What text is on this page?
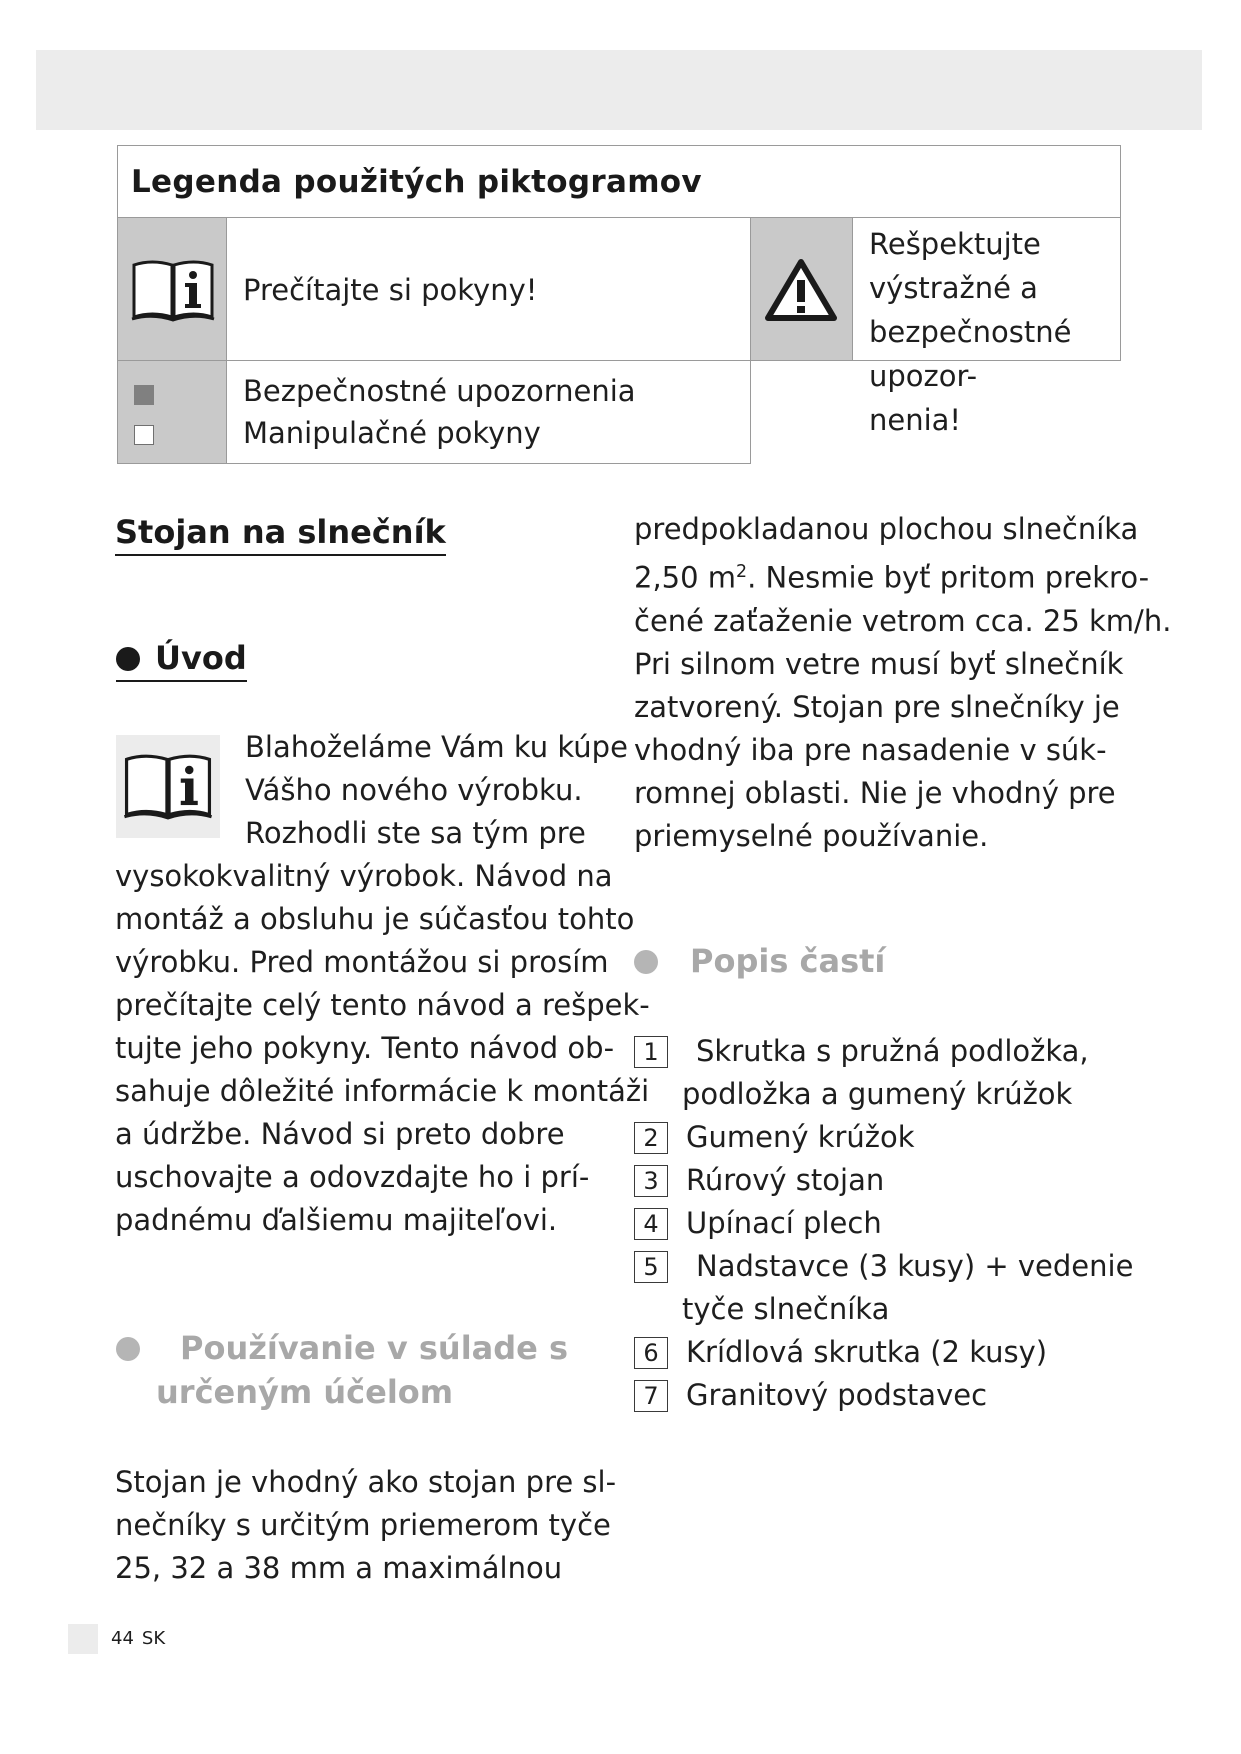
Legenda použitých piktogramov
Prečítajte si pokyny!
Rešpektujte výstražné a
bezpečnostné upozor-
nenia!
Bezpečnostné upozornenia
Manipulačné pokyny
Stojan na slnečník
Úvod
Blahoželáme Vám ku kúpe
Vášho nového výrobku.
Rozhodli ste sa tým pre
vysokokvalitný výrobok. Návod na
montáž a obsluhu je súčasťou tohto
výrobku. Pred montážou si prosím
prečítajte celý tento návod a rešpek-
tujte jeho pokyny. Tento návod ob-
sahuje dôležité informácie k montáži
a údržbe. Návod si preto dobre
uschovajte a odovzdajte ho i prí-
padnému ďalšiemu majiteľovi.
Používanie v súlade s
určeným účelom
Stojan je vhodný ako stojan pre sl-
nečníky s určitým priemerom tyče
25, 32 a 38 mm a maximálnou
predpokladanou plochou slnečníka
2,50 $m^2$. Nesmie byť pritom prekro-
čené zaťaženie vetrom cca. 25 km/h.
Pri silnom vetre musí byť slnečník
zatvorený. Stojan pre slnečníky je
vhodný iba pre nasadenie v súk-
romnej oblasti. Nie je vhodný pre
priemyselné používanie.
Popis častí
1	Skrutka s pružná podložka,
podložka a gumený krúžok
2 Gumený krúžok
3 Rúrový stojan
4 Upínací plech
5	Nadstavce (3 kusy) + vedenie
tyče slnečníka
6 Krídlová skrutka (2 kusy)
7 Granitový podstavec
44 SK
